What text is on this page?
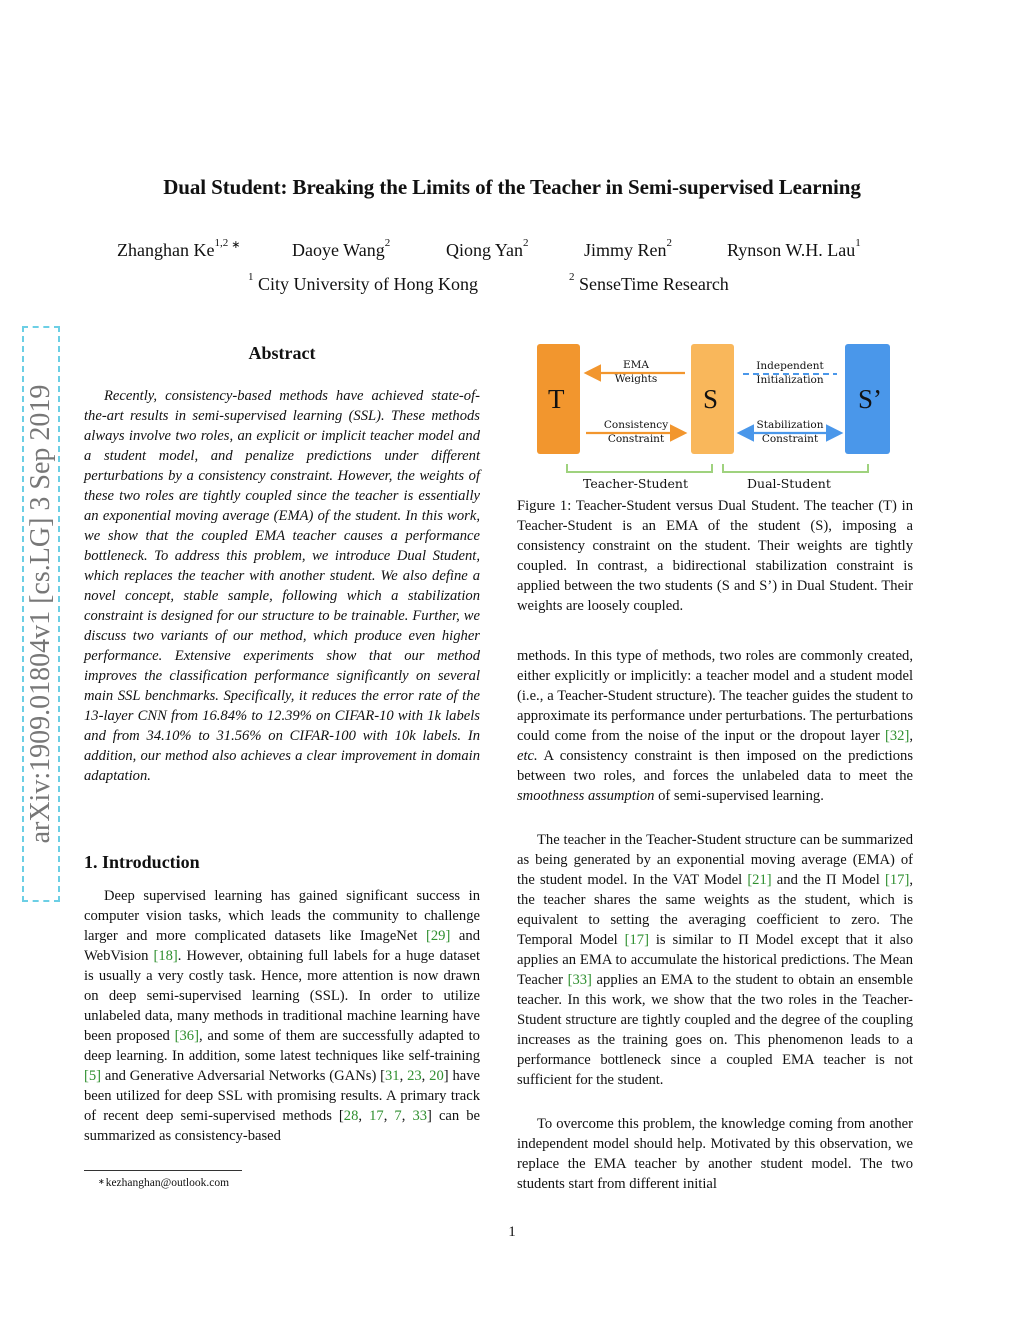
Dual Student: Breaking the Limits of the Teacher in Semi-supervised Learning
Zhanghan Ke$^{1,2}$ ∗	Daoye Wang$^2$	Qiong Yan$^2$	Jimmy Ren$^2$	Rynson W.H. Lau$^1$
$^1$ City University of Hong Kong	$^2$ SenseTime Research
arXiv:1909.01804v1 [cs.LG] 3 Sep 2019
Abstract

Recently, consistency-based methods have achieved state-of-the-art results in semi-supervised learning (SSL). These methods always involve two roles, an explicit or implicit teacher model and a student model, and penalize predictions under different perturbations by a consistency constraint. However, the weights of these two roles are tightly coupled since the teacher is essentially an exponential moving average (EMA) of the student. In this work, we show that the coupled EMA teacher causes a performance bottleneck. To address this problem, we introduce Dual Student, which replaces the teacher with another student. We also define a novel concept, stable sample, following which a stabilization constraint is designed for our structure to be trainable. Further, we discuss two variants of our method, which produce even higher performance. Extensive experiments show that our method improves the classification performance significantly on several main SSL benchmarks. Specifically, it reduces the error rate of the 13-layer CNN from 16.84% to 12.39% on CIFAR-10 with 1k labels and from 34.10% to 31.56% on CIFAR-100 with 10k labels. In addition, our method also achieves a clear improvement in domain adaptation.

1. Introduction

Deep supervised learning has gained significant success in computer vision tasks, which leads the community to challenge larger and more complicated datasets like ImageNet [29] and WebVision [18]. However, obtaining full labels for a huge dataset is usually a very costly task. Hence, more attention is now drawn on deep semi-supervised learning (SSL). In order to utilize unlabeled data, many methods in traditional machine learning have been proposed [36], and some of them are successfully adapted to deep learning. In addition, some latest techniques like self-training [5] and Generative Adversarial Networks (GANs) [31, 23, 20] have been utilized for deep SSL with promising results. A primary track of recent deep semi-supervised methods [28, 17, 7, 33] can be summarized as consistency-based

∗kezhanghan@outlook.com
T	S	S’
EMA
Weights
Consistency
Constraint
Independent
Initialization
Stabilization
Constraint
Teacher-Student	Dual-Student

Figure 1: Teacher-Student versus Dual Student. The teacher (T) in Teacher-Student is an EMA of the student (S), imposing a consistency constraint on the student. Their weights are tightly coupled. In contrast, a bidirectional stabilization constraint is applied between the two students (S and S’) in Dual Student. Their weights are loosely coupled.

methods. In this type of methods, two roles are commonly created, either explicitly or implicitly: a teacher model and a student model (i.e., a Teacher-Student structure). The teacher guides the student to approximate its performance under perturbations. The perturbations could come from the noise of the input or the dropout layer [32], etc. A consistency constraint is then imposed on the predictions between two roles, and forces the unlabeled data to meet the smoothness assumption of semi-supervised learning.

The teacher in the Teacher-Student structure can be summarized as being generated by an exponential moving average (EMA) of the student model. In the VAT Model [21] and the Π Model [17], the teacher shares the same weights as the student, which is equivalent to setting the averaging coefficient to zero. The Temporal Model [17] is similar to Π Model except that it also applies an EMA to accumulate the historical predictions. The Mean Teacher [33] applies an EMA to the student to obtain an ensemble teacher. In this work, we show that the two roles in the Teacher-Student structure are tightly coupled and the degree of the coupling increases as the training goes on. This phenomenon leads to a performance bottleneck since a coupled EMA teacher is not sufficient for the student.

To overcome this problem, the knowledge coming from another independent model should help. Motivated by this observation, we replace the EMA teacher by another student model. The two students start from different initial

1
